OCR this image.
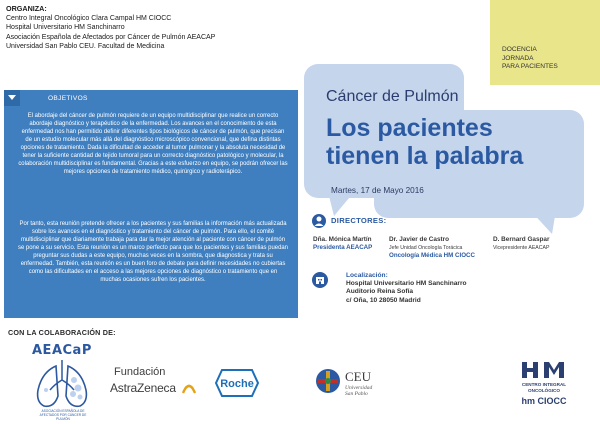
ORGANIZA:
Centro Integral Oncológico Clara Campal HM CIOCC
Hospital Universitario HM Sanchinarro
Asociación Española de Afectados por Cáncer de Pulmón AEACAP
Universidad San Pablo CEU. Facultad de Medicina
OBJETIVOS
El abordaje del cáncer de pulmón requiere de un equipo multidisciplinar que realice un correcto abordaje diagnóstico y terapéutico de la enfermedad. Los avances en el conocimiento de esta enfermedad nos han permitido definir diferentes tipos biológicos de cáncer de pulmón, que precisan de un estudio molecular más allá del diagnóstico microscópico convencional, que defina distintas opciones de tratamiento. Dada la dificultad de acceder al tumor pulmonar y la absoluta necesidad de tener la suficiente cantidad de tejido tumoral para un correcto diagnóstico patológico y molecular, la colaboración multidisciplinar es fundamental. Gracias a este esfuerzo en equipo, se podrán ofrecer las mejores opciones de tratamiento médico, quirúrgico y radioterápico.
Por tanto, esta reunión pretende ofrecer a los pacientes y sus familias la información más actualizada sobre los avances en el diagnóstico y tratamiento del cáncer de pulmón. Para ello, el comité multidisciplinar que diariamente trabaja para dar la mejor atención al paciente con cáncer de pulmón se pone a su servicio. Esta reunión es un marco perfecto para que los pacientes y sus familias puedan preguntar sus dudas a este equipo, muchas veces en la sombra, que diagnostica y trata su enfermedad. También, esta reunión es un buen foro de debate para definir necesidades no cubiertas como las dificultades en el acceso a las mejores opciones de diagnóstico o tratamiento que en muchas ocasiones sufren los pacientes.
CON LA COLABORACIÓN DE:
AEACaP
ASOCIACIÓN ESPAÑOLA DE AFECTADOS POR CÁNCER DE PULMÓN
Fundación
AstraZeneca	Roche
DOCENCIA
JORNADA
PARA PACIENTES
Cáncer de Pulmón
Los pacientes
tienen la palabra
Martes, 17 de Mayo 2016
DIRECTORES:
Dña. Mónica Martín
Presidenta AEACAP
Dr. Javier de Castro
Jefe Unidad Oncología Torácica
Oncología Médica HM CIOCC
D. Bernard Gaspar
Vicepresidente AEACAP
Localización:
Hospital Universitario HM Sanchinarro
Auditorio Reina Sofía
c/ Oña, 10 28050 Madrid
CEU
Universidad
San Pablo
CENTRO INTEGRAL ONCOLÓGICO
hm CIOCC
